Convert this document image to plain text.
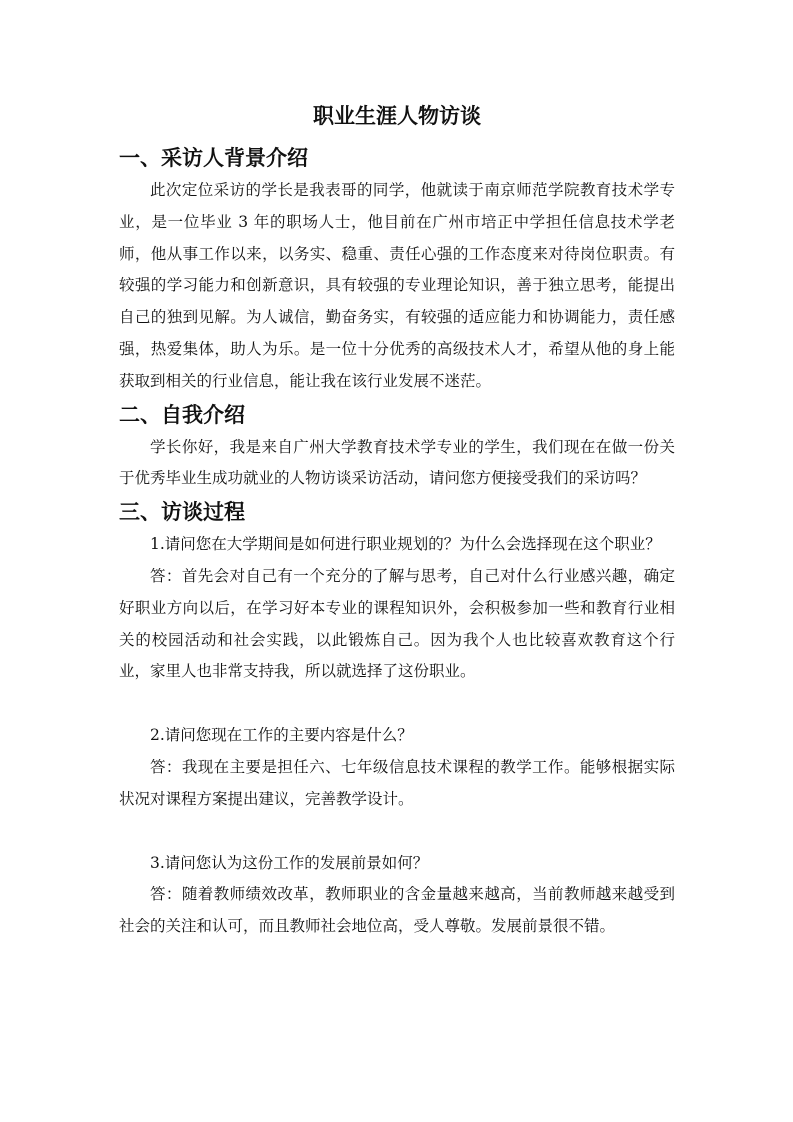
职业生涯人物访谈
一、采访人背景介绍

此次定位采访的学长是我表哥的同学，他就读于南京师范学院教育技术学专业，是一位毕业 3 年的职场人士，他目前在广州市培正中学担任信息技术学老师，他从事工作以来，以务实、稳重、责任心强的工作态度来对待岗位职责。有较强的学习能力和创新意识，具有较强的专业理论知识，善于独立思考，能提出自己的独到见解。为人诚信，勤奋务实，有较强的适应能力和协调能力，责任感强，热爱集体，助人为乐。是一位十分优秀的高级技术人才，希望从他的身上能获取到相关的行业信息，能让我在该行业发展不迷茫。

二、自我介绍

学长你好，我是来自广州大学教育技术学专业的学生，我们现在在做一份关于优秀毕业生成功就业的人物访谈采访活动，请问您方便接受我们的采访吗？

三、访谈过程

1.请问您在大学期间是如何进行职业规划的？为什么会选择现在这个职业？

答：首先会对自己有一个充分的了解与思考，自己对什么行业感兴趣，确定好职业方向以后，在学习好本专业的课程知识外，会积极参加一些和教育行业相关的校园活动和社会实践，以此锻炼自己。因为我个人也比较喜欢教育这个行业，家里人也非常支持我，所以就选择了这份职业。

2.请问您现在工作的主要内容是什么？

答：我现在主要是担任六、七年级信息技术课程的教学工作。能够根据实际状况对课程方案提出建议，完善教学设计。

3.请问您认为这份工作的发展前景如何？

答：随着教师绩效改革，教师职业的含金量越来越高，当前教师越来越受到社会的关注和认可，而且教师社会地位高，受人尊敬。发展前景很不错。
